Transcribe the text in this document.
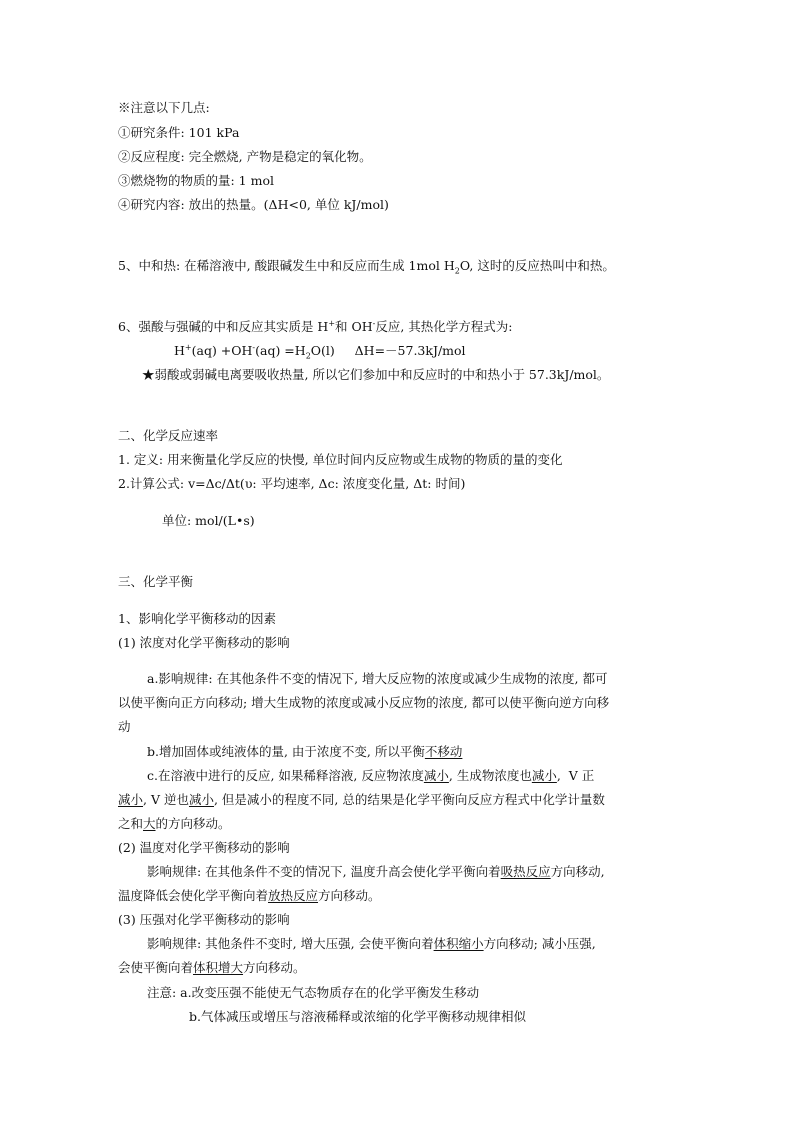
※注意以下几点:
①研究条件: 101 kPa
②反应程度: 完全燃烧, 产物是稳定的氧化物。
③燃烧物的物质的量: 1 mol
④研究内容: 放出的热量。(ΔH<0, 单位 kJ/mol)
5、中和热: 在稀溶液中, 酸跟碱发生中和反应而生成 1mol $H_2O$, 这时的反应热叫中和热。
6、强酸与强碱的中和反应其实质是 H+和 OH-反应, 其热化学方程式为:
$H^+(aq) +OH^-(aq) =H_2O(l)$     ΔH=－57.3kJ/mol
★弱酸或弱碱电离要吸收热量, 所以它们参加中和反应时的中和热小于 57.3kJ/mol。
二、化学反应速率
1. 定义: 用来衡量化学反应的快慢, 单位时间内反应物或生成物的物质的量的变化
2.计算公式: v=Δc/Δt(υ: 平均速率, Δc: 浓度变化量, Δt: 时间)
单位: mol/(L•s)
三、化学平衡
1、影响化学平衡移动的因素
(1) 浓度对化学平衡移动的影响
a.影响规律: 在其他条件不变的情况下, 增大反应物的浓度或减少生成物的浓度, 都可
以使平衡向正方向移动; 增大生成物的浓度或减小反应物的浓度, 都可以使平衡向逆方向移
动
b.增加固体或纯液体的量, 由于浓度不变, 所以平衡不移动
c.在溶液中进行的反应, 如果稀释溶液, 反应物浓度减小, 生成物浓度也减小,  V 正
减小, V 逆也减小, 但是减小的程度不同, 总的结果是化学平衡向反应方程式中化学计量数
之和大的方向移动。
(2) 温度对化学平衡移动的影响
影响规律: 在其他条件不变的情况下, 温度升高会使化学平衡向着吸热反应方向移动,
温度降低会使化学平衡向着放热反应方向移动。
(3) 压强对化学平衡移动的影响
影响规律: 其他条件不变时, 增大压强, 会使平衡向着体积缩小方向移动; 减小压强,
会使平衡向着体积增大方向移动。
注意: a.改变压强不能使无气态物质存在的化学平衡发生移动
b.气体减压或增压与溶液稀释或浓缩的化学平衡移动规律相似
